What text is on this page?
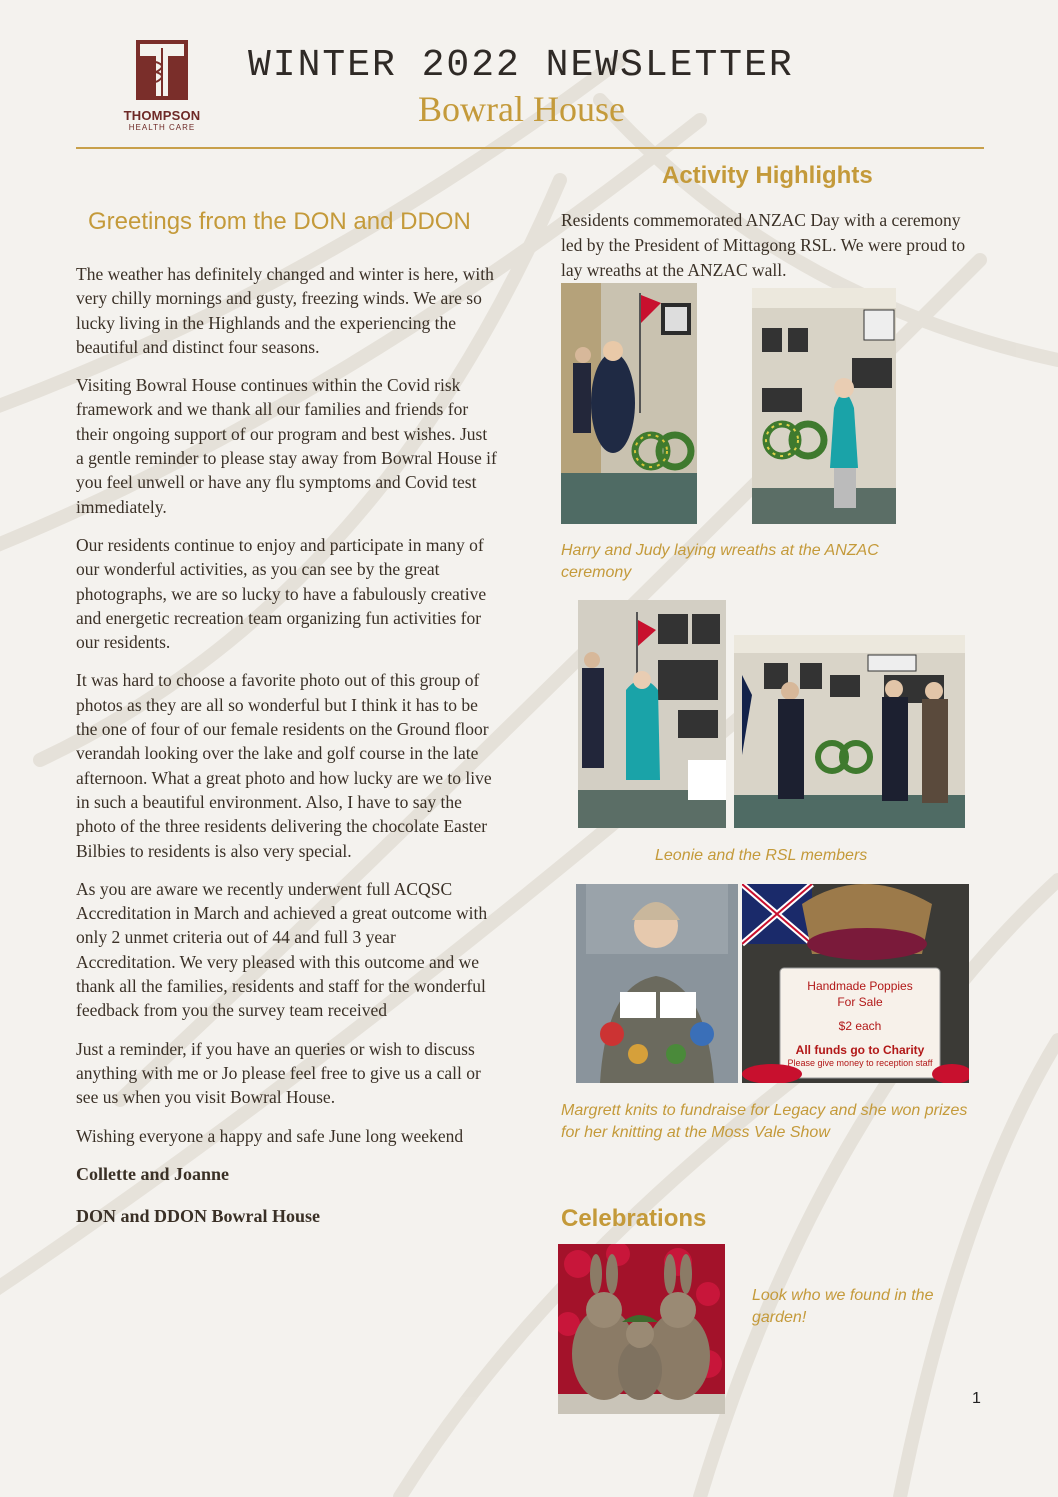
THOMPSON
HEALTH CARE
WINTER 2022 NEWSLETTER
Bowral House
Greetings from the DON and DDON

The weather has definitely changed and winter is here, with very chilly mornings and gusty, freezing winds. We are so lucky living in the Highlands and the experiencing the beautiful and distinct four seasons.

Visiting Bowral House continues within the Covid risk framework and we thank all our families and friends for their ongoing support of our program and best wishes. Just a gentle reminder to please stay away from Bowral House if you feel unwell or have any flu symptoms and Covid test immediately.

Our residents continue to enjoy and participate in many of our wonderful activities, as you can see by the great photographs, we are so lucky to have a fabulously creative and energetic recreation team organizing fun activities for our residents.

It was hard to choose a favorite photo out of this group of photos as they are all so wonderful but I think it has to be the one of four of our female residents on the Ground floor verandah looking over the lake and golf course in the late afternoon. What a great photo and how lucky are we to live in such a beautiful environment. Also, I have to say the photo of the three residents delivering the chocolate Easter Bilbies to residents is also very special.

As you are aware we recently underwent full ACQSC Accreditation in March and achieved a great outcome with only 2 unmet criteria out of 44 and full 3 year Accreditation. We very pleased with this outcome and we thank all the families, residents and staff for the wonderful feedback from you the survey team received

Just a reminder, if you have an queries or wish to discuss anything with me or Jo please feel free to give us a call or see us when you visit Bowral House.

Wishing everyone a happy and safe June long weekend

Collette and Joanne

DON and DDON Bowral House

Activity Highlights
Residents commemorated ANZAC Day with a ceremony led by the President of Mittagong RSL. We were proud to lay wreaths at the ANZAC wall.
Harry and Judy laying wreaths at the ANZAC ceremony
Leonie and the RSL members
Handmade Poppies
For Sale
$2 each
All funds go to Charity
Please give money to reception staff
Margrett knits to fundraise for Legacy and she won prizes for her knitting at the Moss Vale Show
Celebrations
Look who we found in the garden!
1
